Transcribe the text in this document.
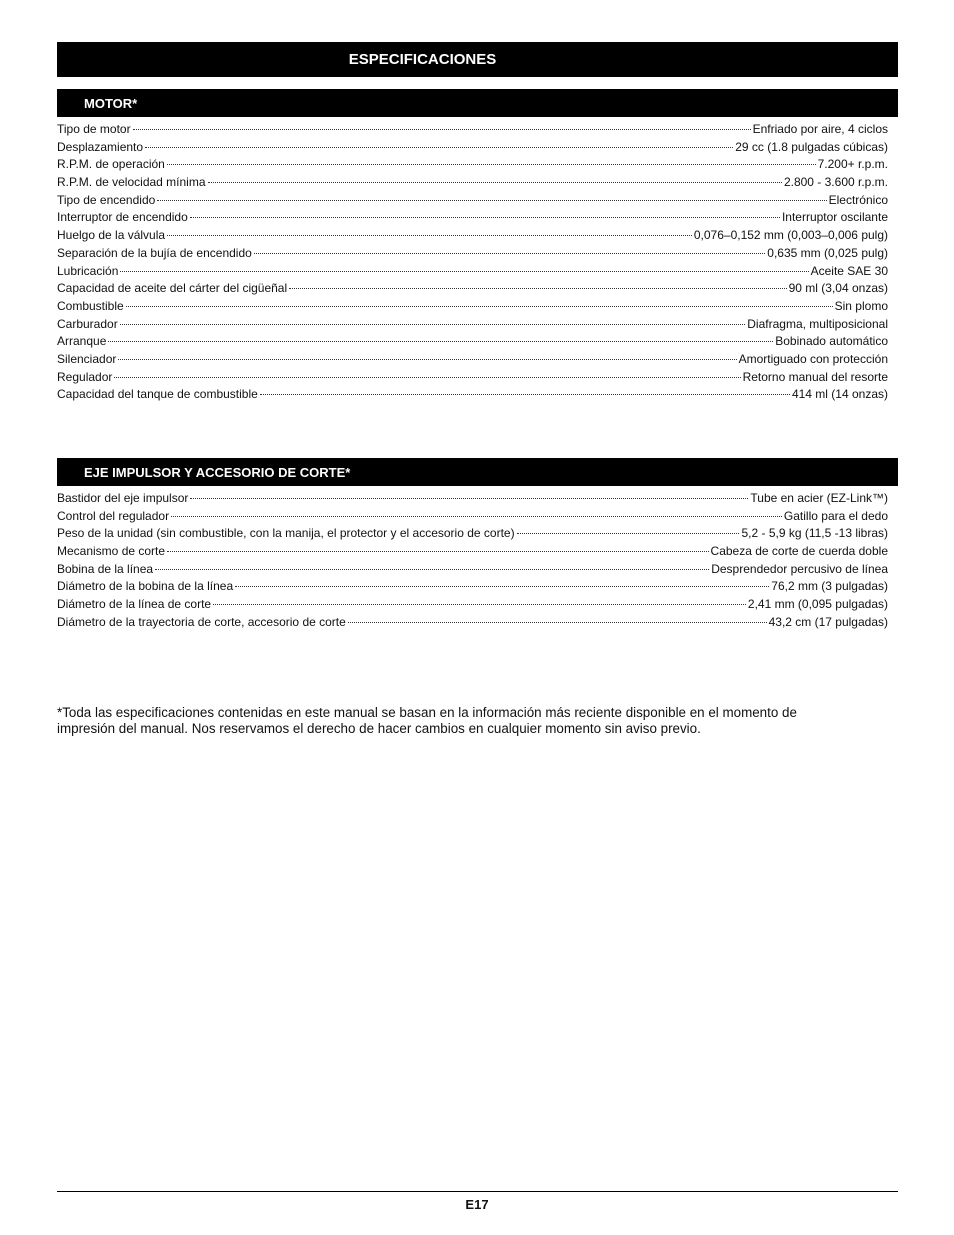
ESPECIFICACIONES
MOTOR*
Tipo de motor	Enfriado por aire, 4 ciclos
Desplazamiento	29 cc (1.8 pulgadas cúbicas)
R.P.M. de operación	7.200+ r.p.m.
R.P.M. de velocidad mínima	2.800 - 3.600 r.p.m.
Tipo de encendido	Electrónico
Interruptor de encendido	Interruptor oscilante
Huelgo de la válvula	0,076–0,152 mm (0,003–0,006 pulg)
Separación de la bujía de encendido	0,635 mm (0,025 pulg)
Lubricación	Aceite SAE 30
Capacidad de aceite del cárter del cigüeñal	90 ml (3,04 onzas)
Combustible	Sin plomo
Carburador	Diafragma, multiposicional
Arranque	Bobinado automático
Silenciador	Amortiguado con protección
Regulador	Retorno manual del resorte
Capacidad del tanque de combustible	414 ml (14 onzas)
EJE IMPULSOR Y ACCESORIO DE CORTE*
Bastidor del eje impulsor	Tube en acier (EZ-Link™)
Control del regulador	Gatillo para el dedo
Peso de la unidad (sin combustible, con la manija, el protector y el accesorio de corte)	5,2 - 5,9 kg (11,5 -13 libras)
Mecanismo de corte	Cabeza de corte de cuerda doble
Bobina de la línea	Desprendedor percusivo de línea
Diámetro de la bobina de la línea	76,2 mm (3 pulgadas)
Diámetro de la línea de corte	2,41 mm (0,095 pulgadas)
Diámetro de la trayectoria de corte, accesorio de corte	43,2 cm (17 pulgadas)

*Toda las especificaciones contenidas en este manual se basan en la información más reciente disponible en el momento de impresión del manual. Nos reservamos el derecho de hacer cambios en cualquier momento sin aviso previo.

E17
